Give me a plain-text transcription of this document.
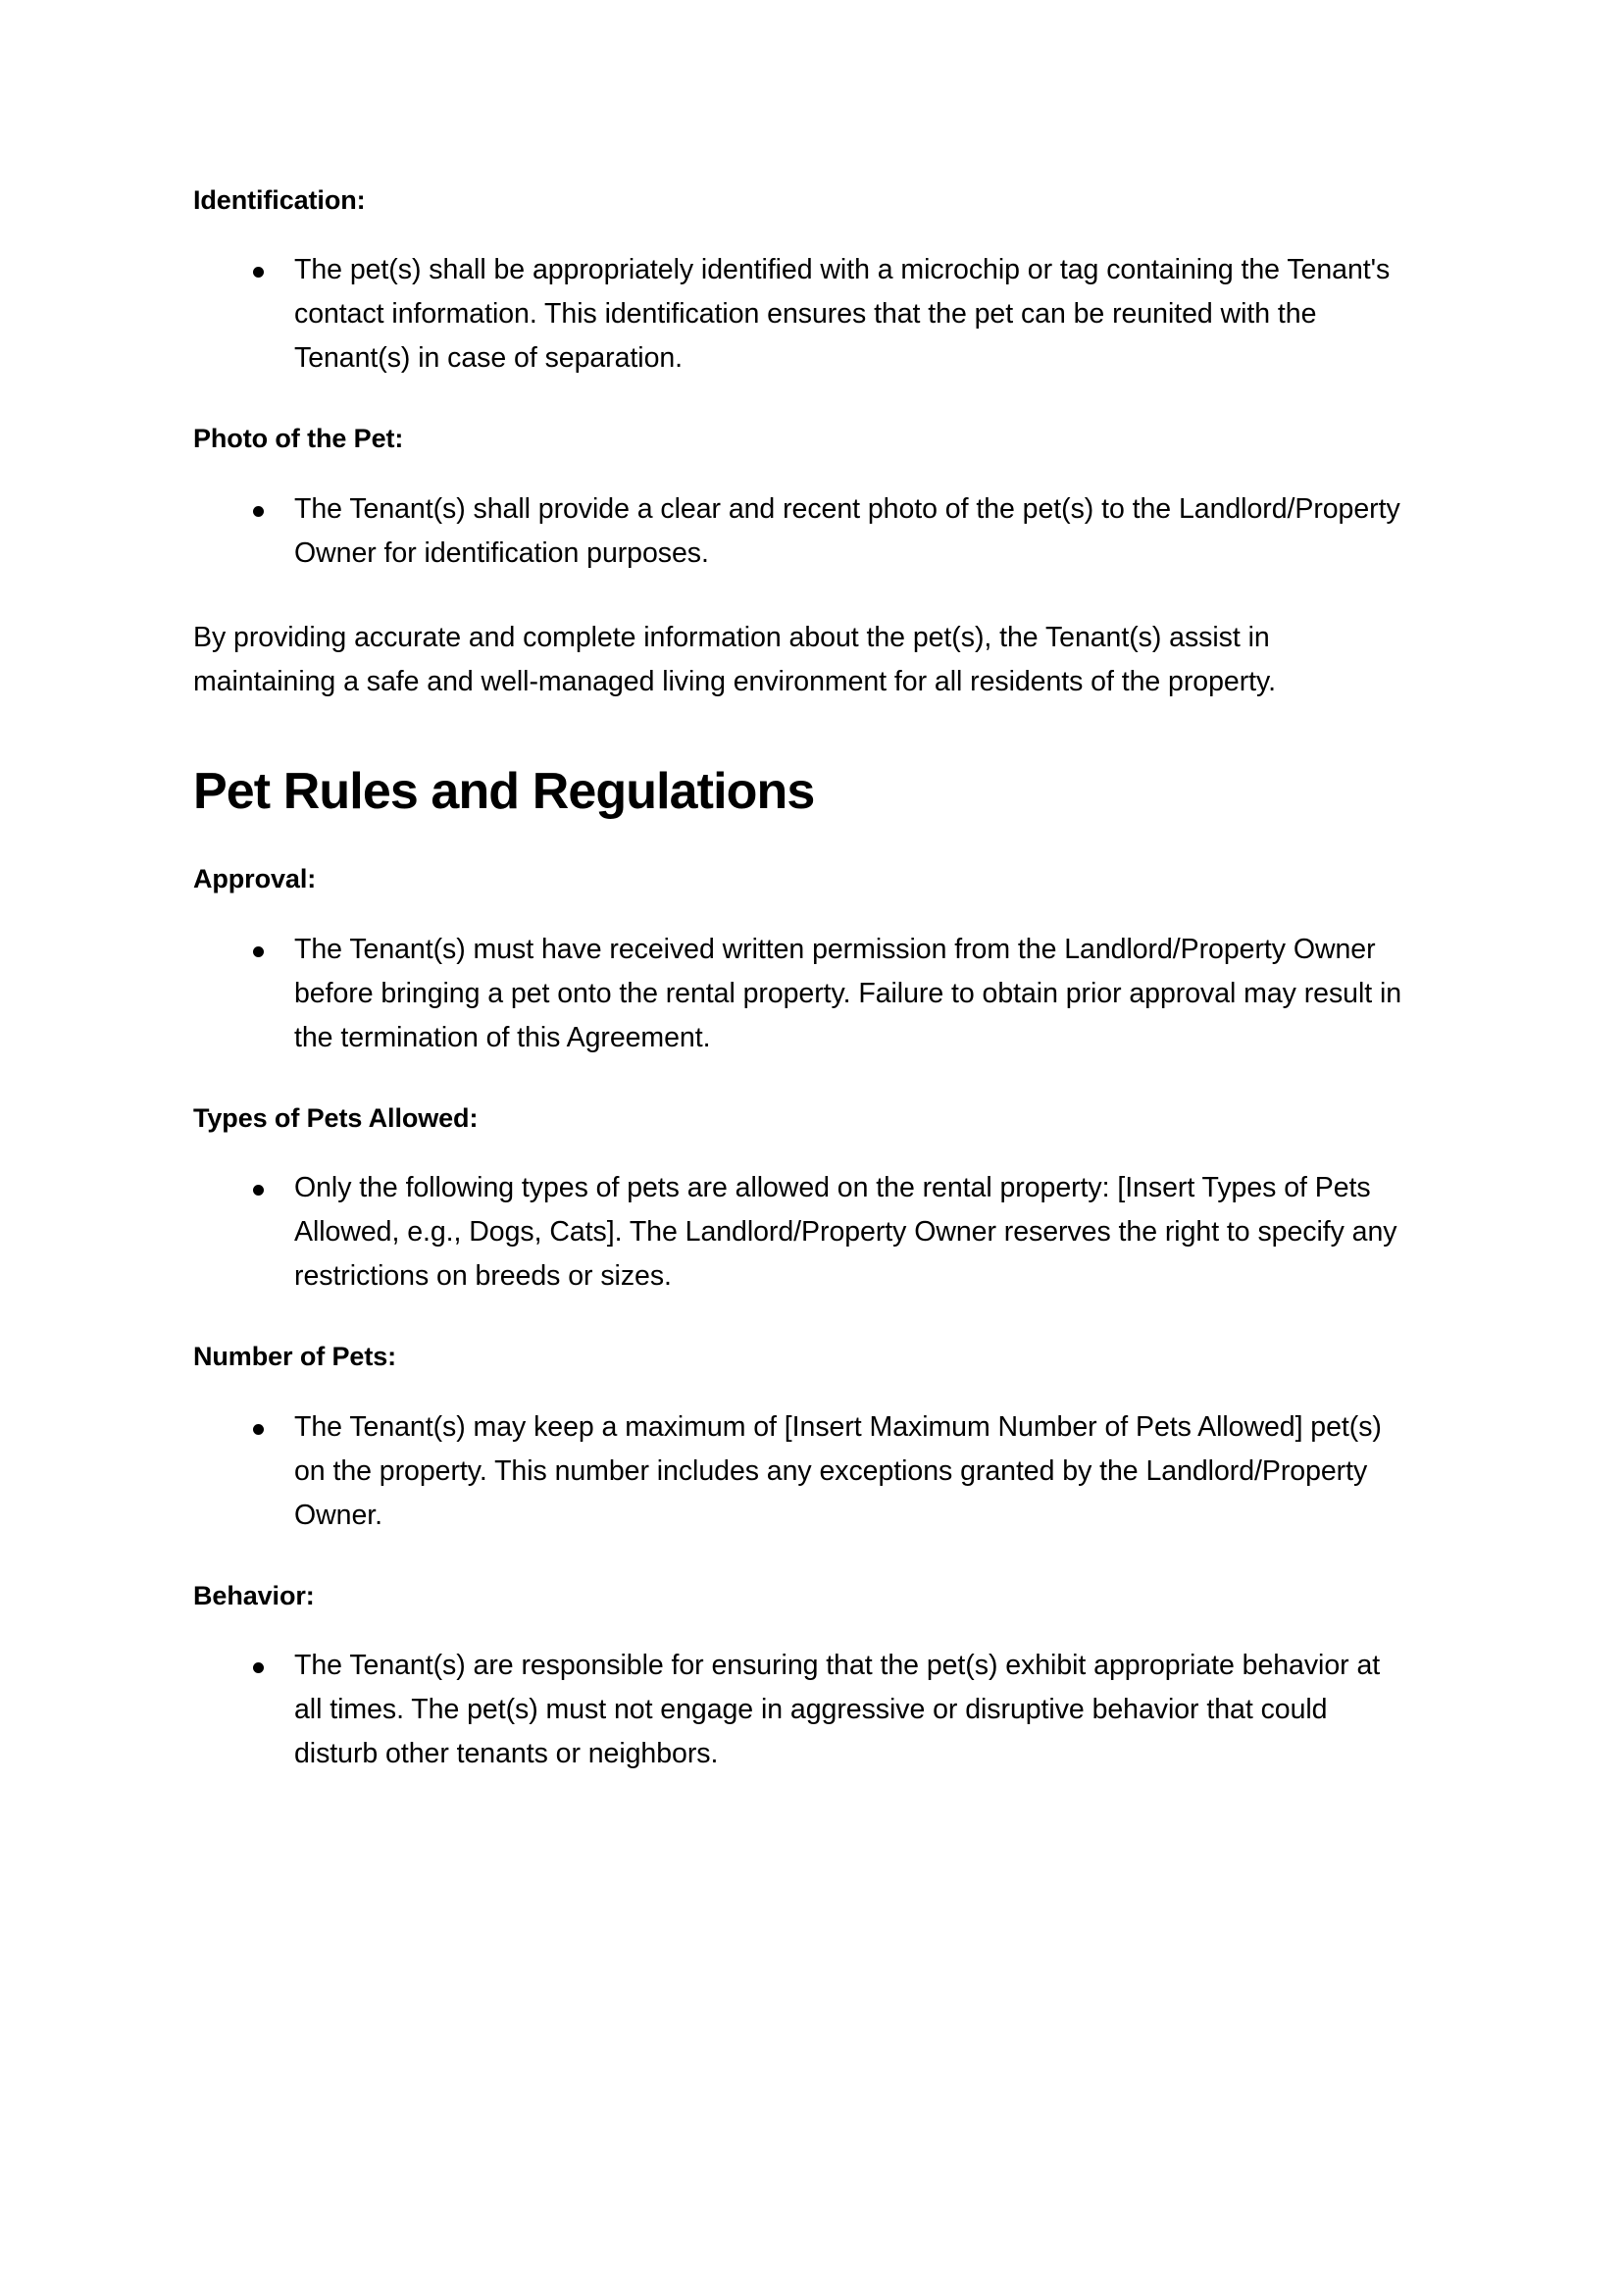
Identification:

The pet(s) shall be appropriately identified with a microchip or tag containing the Tenant's contact information. This identification ensures that the pet can be reunited with the Tenant(s) in case of separation.

Photo of the Pet:

The Tenant(s) shall provide a clear and recent photo of the pet(s) to the Landlord/Property Owner for identification purposes.

By providing accurate and complete information about the pet(s), the Tenant(s) assist in maintaining a safe and well-managed living environment for all residents of the property.

Pet Rules and Regulations

Approval:

The Tenant(s) must have received written permission from the Landlord/Property Owner before bringing a pet onto the rental property. Failure to obtain prior approval may result in the termination of this Agreement.

Types of Pets Allowed:

Only the following types of pets are allowed on the rental property: [Insert Types of Pets Allowed, e.g., Dogs, Cats]. The Landlord/Property Owner reserves the right to specify any restrictions on breeds or sizes.

Number of Pets:

The Tenant(s) may keep a maximum of [Insert Maximum Number of Pets Allowed] pet(s) on the property. This number includes any exceptions granted by the Landlord/Property Owner.

Behavior:

The Tenant(s) are responsible for ensuring that the pet(s) exhibit appropriate behavior at all times. The pet(s) must not engage in aggressive or disruptive behavior that could disturb other tenants or neighbors.
